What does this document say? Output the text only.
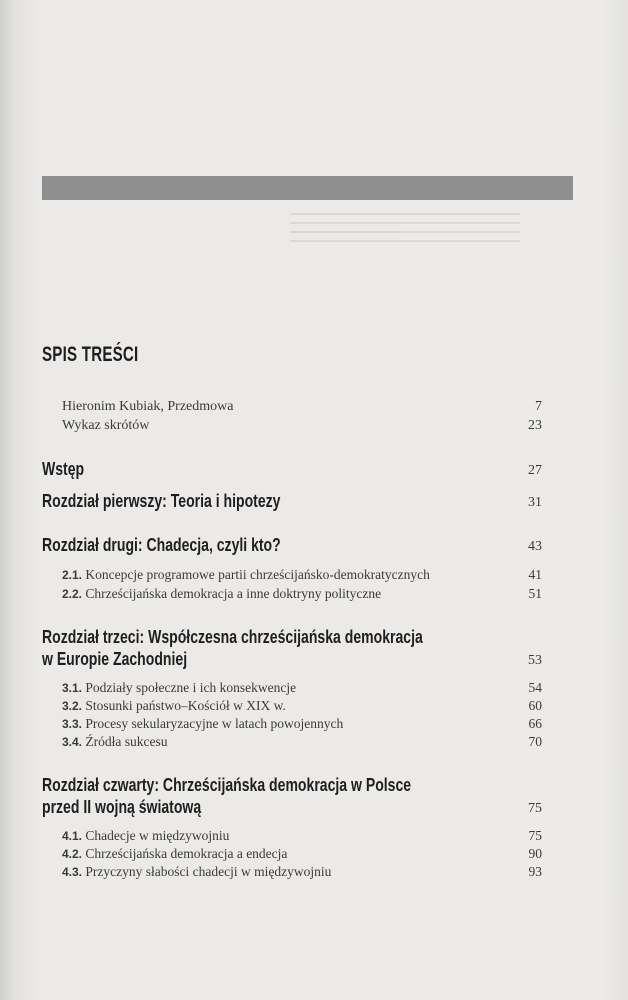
SPIS TREŚCI
Hieronim Kubiak, Przedmowa	7
Wykaz skrótów	23
Wstęp	27
Rozdział pierwszy: Teoria i hipotezy	31
Rozdział drugi: Chadecja, czyli kto?	43
2.1. Koncepcje programowe partii chrześcijańsko-demokratycznych	41
2.2. Chrześcijańska demokracja a inne doktryny polityczne	51
Rozdział trzeci: Współczesna chrześcijańska demokracja
w Europie Zachodniej	53
3.1. Podziały społeczne i ich konsekwencje	54
3.2. Stosunki państwo–Kościół w XIX w.	60
3.3. Procesy sekularyzacyjne w latach powojennych	66
3.4. Źródła sukcesu	70
Rozdział czwarty: Chrześcijańska demokracja w Polsce
przed II wojną światową	75
4.1. Chadecje w międzywojniu	75
4.2. Chrześcijańska demokracja a endecja	90
4.3. Przyczyny słabości chadecji w międzywojniu	93
